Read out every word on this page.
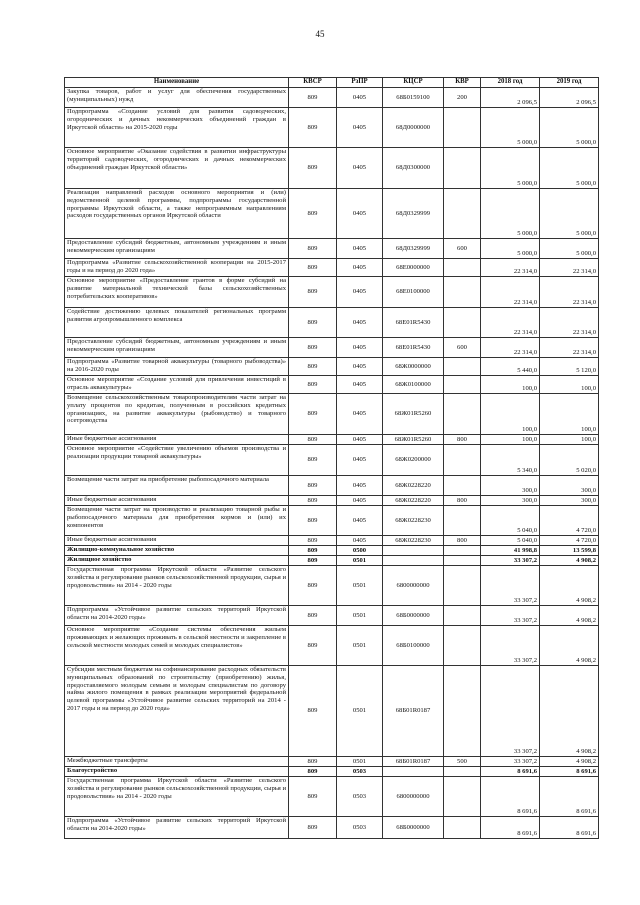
45
Наименование	КВСР	РзПР	КЦСР	КВР	2018 год	2019 год
Закупка товаров, работ и услуг для обеспечения государственных (муниципальных) нужд	809	0405	68Б0159100	200	2 096,5	2 096,5
Подпрограмма «Создание условий для развития садоводческих, огороднических и дачных некоммерческих объединений граждан в Иркутской области» на 2015-2020 годы	809	0405	68Д0000000		5 000,0	5 000,0
Основное мероприятие «Оказание содействия в развитии инфраструктуры территорий садоводческих, огороднических и дачных некоммерческих объединений граждан Иркутской области»	809	0405	68Д0300000		5 000,0	5 000,0
Реализация направлений расходов основного мероприятия и (или) ведомственной целевой программы, подпрограммы государственной программы Иркутской области, а также непрограммным направлениям расходов государственных органов Иркутской области	809	0405	68Д0329999		5 000,0	5 000,0
Предоставление субсидий бюджетным, автономным учреждениям и иным некоммерческим организациям	809	0405	68Д0329999	600	5 000,0	5 000,0
Подпрограмма «Развитие сельскохозяйственной кооперации на 2015-2017 годы и на период до 2020 года»	809	0405	68Е0000000		22 314,0	22 314,0
Основное мероприятие «Предоставление грантов в форме субсидий на развитие материальной технической базы сельскохозяйственных потребительских кооперативов»	809	0405	68Е0100000		22 314,0	22 314,0
Содействие достижению целевых показателей региональных программ развития агропромышленного комплекса	809	0405	68Е01R5430		22 314,0	22 314,0
Предоставление субсидий бюджетным, автономным учреждениям и иным некоммерческим организациям	809	0405	68Е01R5430	600	22 314,0	22 314,0
Подпрограмма «Развитие товарной аквакультуры (товарного рыбоводства)» на 2016-2020 годы	809	0405	68Ж0000000		5 440,0	5 120,0
Основное мероприятие «Создание условий для привлечения инвестиций в отрасль аквакультуры»	809	0405	68Ж0100000		100,0	100,0
Возмещение сельскохозяйственным товаропроизводителям части затрат на уплату процентов по кредитам, полученным в российских кредитных организациях, на развитие аквакультуры (рыбоводство) и товарного осетроводства	809	0405	68Ж01R5260		100,0	100,0
Иные бюджетные ассигнования	809	0405	68Ж01R5260	800	100,0	100,0
Основное мероприятие «Содействие увеличению объемов производства и реализации продукции товарной аквакультуры»	809	0405	68Ж0200000		5 340,0	5 020,0
Возмещение части затрат на приобретение рыбопосадочного материала	809	0405	68Ж0228220		300,0	300,0
Иные бюджетные ассигнования	809	0405	68Ж0228220	800	300,0	300,0
Возмещение части затрат на производство и реализацию товарной рыбы и рыбопосадочного материала для приобретения кормов и (или) их компонентов	809	0405	68Ж0228230		5 040,0	4 720,0
Иные бюджетные ассигнования	809	0405	68Ж0228230	800	5 040,0	4 720,0
Жилищно-коммунальное хозяйство	809	0500			41 998,8	13 599,8
Жилищное хозяйство	809	0501			33 307,2	4 908,2
Государственная программа Иркутской области «Развитие сельского хозяйства и регулирование рынков сельскохозяйственной продукции, сырья и продовольствия» на 2014 - 2020 годы	809	0501	6800000000		33 307,2	4 908,2
Подпрограмма «Устойчивое развитие сельских территорий Иркутской области на 2014-2020 годы»	809	0501	68Б0000000		33 307,2	4 908,2
Основное мероприятие «Создание системы обеспечения жильем проживающих и желающих проживать в сельской местности и закрепление в сельской местности молодых семей и молодых специалистов»	809	0501	68Б0100000		33 307,2	4 908,2
Субсидии местным бюджетам на софинансирование расходных обязательств муниципальных образований по строительству (приобретению) жилья, предоставляемого молодым семьям и молодым специалистам по договору найма жилого помещения в рамках реализации мероприятий федеральной целевой программы «Устойчивое развитие сельских территорий на 2014 - 2017 годы и на период до 2020 года»	809	0501	68Б01R0187		33 307,2	4 908,2
Межбюджетные трансферты	809	0501	68Б01R0187	500	33 307,2	4 908,2
Благоустройство	809	0503			8 691,6	8 691,6
Государственная программа Иркутской области «Развитие сельского хозяйства и регулирование рынков сельскохозяйственной продукции, сырья и продовольствия» на 2014 - 2020 годы	809	0503	6800000000		8 691,6	8 691,6
Подпрограмма «Устойчивое развитие сельских территорий Иркутской области на 2014-2020 годы»	809	0503	68Б0000000		8 691,6	8 691,6
